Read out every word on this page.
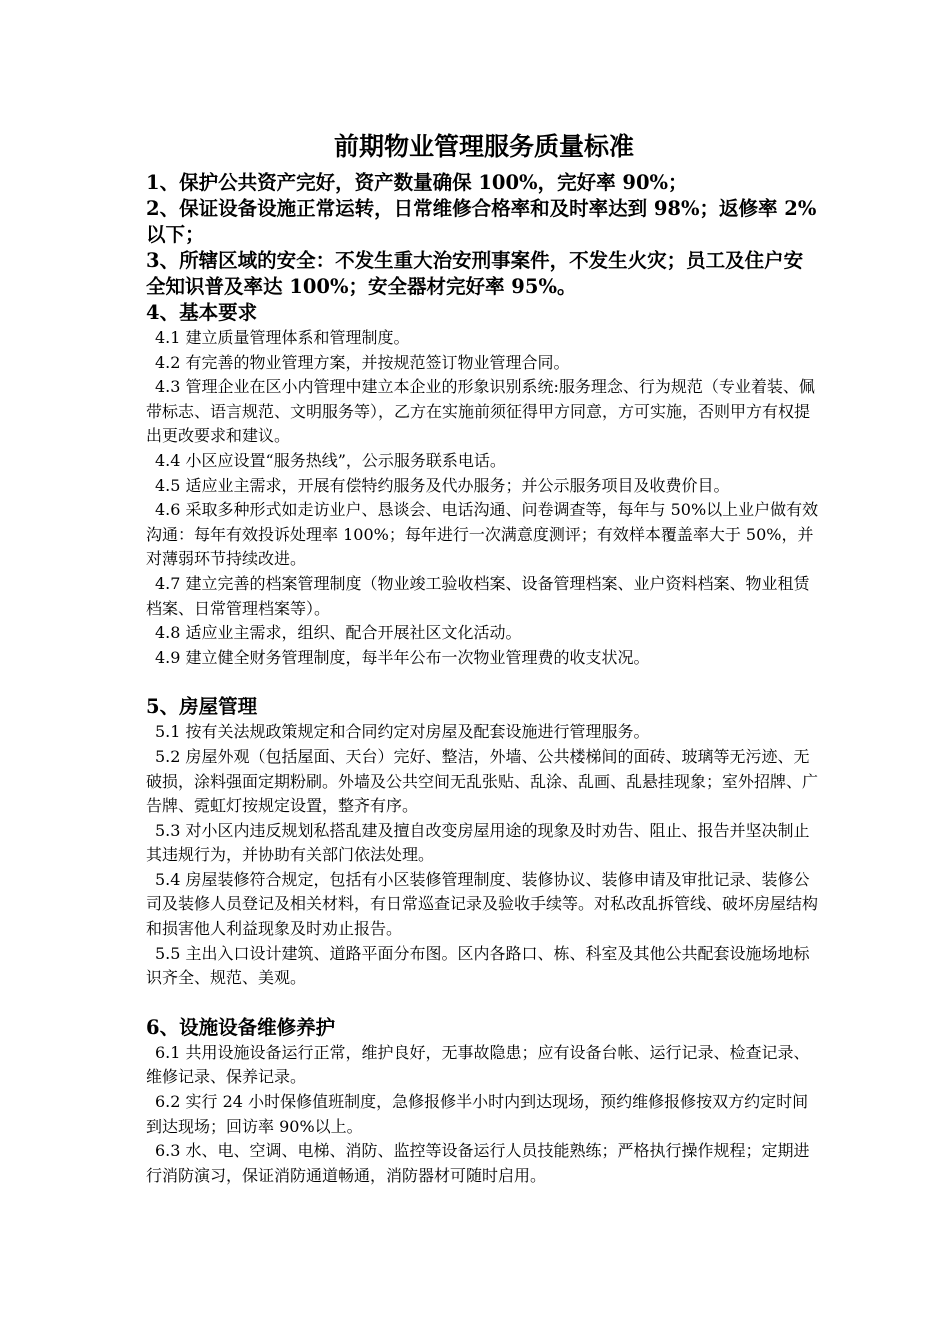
前期物业管理服务质量标准

1、保护公共资产完好，资产数量确保 100%，完好率 90%；

2、保证设备设施正常运转，日常维修合格率和及时率达到 98%；返修率 2%以下；

3、所辖区域的安全：不发生重大治安刑事案件，不发生火灾；员工及住户安全知识普及率达 100%；安全器材完好率 95%。

4、基本要求

4.1 建立质量管理体系和管理制度。

4.2 有完善的物业管理方案，并按规范签订物业管理合同。

4.3 管理企业在区小内管理中建立本企业的形象识别系统:服务理念、行为规范（专业着装、佩带标志、语言规范、文明服务等），乙方在实施前须征得甲方同意，方可实施，否则甲方有权提出更改要求和建议。

4.4 小区应设置“服务热线”，公示服务联系电话。

4.5 适应业主需求，开展有偿特约服务及代办服务；并公示服务项目及收费价目。

4.6 采取多种形式如走访业户、恳谈会、电话沟通、问卷调查等，每年与 50%以上业户做有效沟通：每年有效投诉处理率 100%；每年进行一次满意度测评；有效样本覆盖率大于 50%，并对薄弱环节持续改进。

4.7 建立完善的档案管理制度（物业竣工验收档案、设备管理档案、业户资料档案、物业租赁档案、日常管理档案等）。

4.8 适应业主需求，组织、配合开展社区文化活动。

4.9 建立健全财务管理制度，每半年公布一次物业管理费的收支状况。

5、房屋管理

5.1 按有关法规政策规定和合同约定对房屋及配套设施进行管理服务。

5.2 房屋外观（包括屋面、天台）完好、整洁，外墙、公共楼梯间的面砖、玻璃等无污迹、无破损，涂料强面定期粉刷。外墙及公共空间无乱张贴、乱涂、乱画、乱悬挂现象；室外招牌、广告牌、霓虹灯按规定设置，整齐有序。

5.3 对小区内违反规划私搭乱建及擅自改变房屋用途的现象及时劝告、阻止、报告并坚决制止其违规行为，并协助有关部门依法处理。

5.4 房屋装修符合规定，包括有小区装修管理制度、装修协议、装修申请及审批记录、装修公司及装修人员登记及相关材料，有日常巡查记录及验收手续等。对私改乱拆管线、破坏房屋结构和损害他人利益现象及时劝止报告。

5.5 主出入口设计建筑、道路平面分布图。区内各路口、栋、科室及其他公共配套设施场地标识齐全、规范、美观。

6、设施设备维修养护

6.1 共用设施设备运行正常，维护良好，无事故隐患；应有设备台帐、运行记录、检查记录、维修记录、保养记录。

6.2 实行 24 小时保修值班制度，急修报修半小时内到达现场，预约维修报修按双方约定时间到达现场；回访率 90%以上。

6.3 水、电、空调、电梯、消防、监控等设备运行人员技能熟练；严格执行操作规程；定期进行消防演习，保证消防通道畅通，消防器材可随时启用。
